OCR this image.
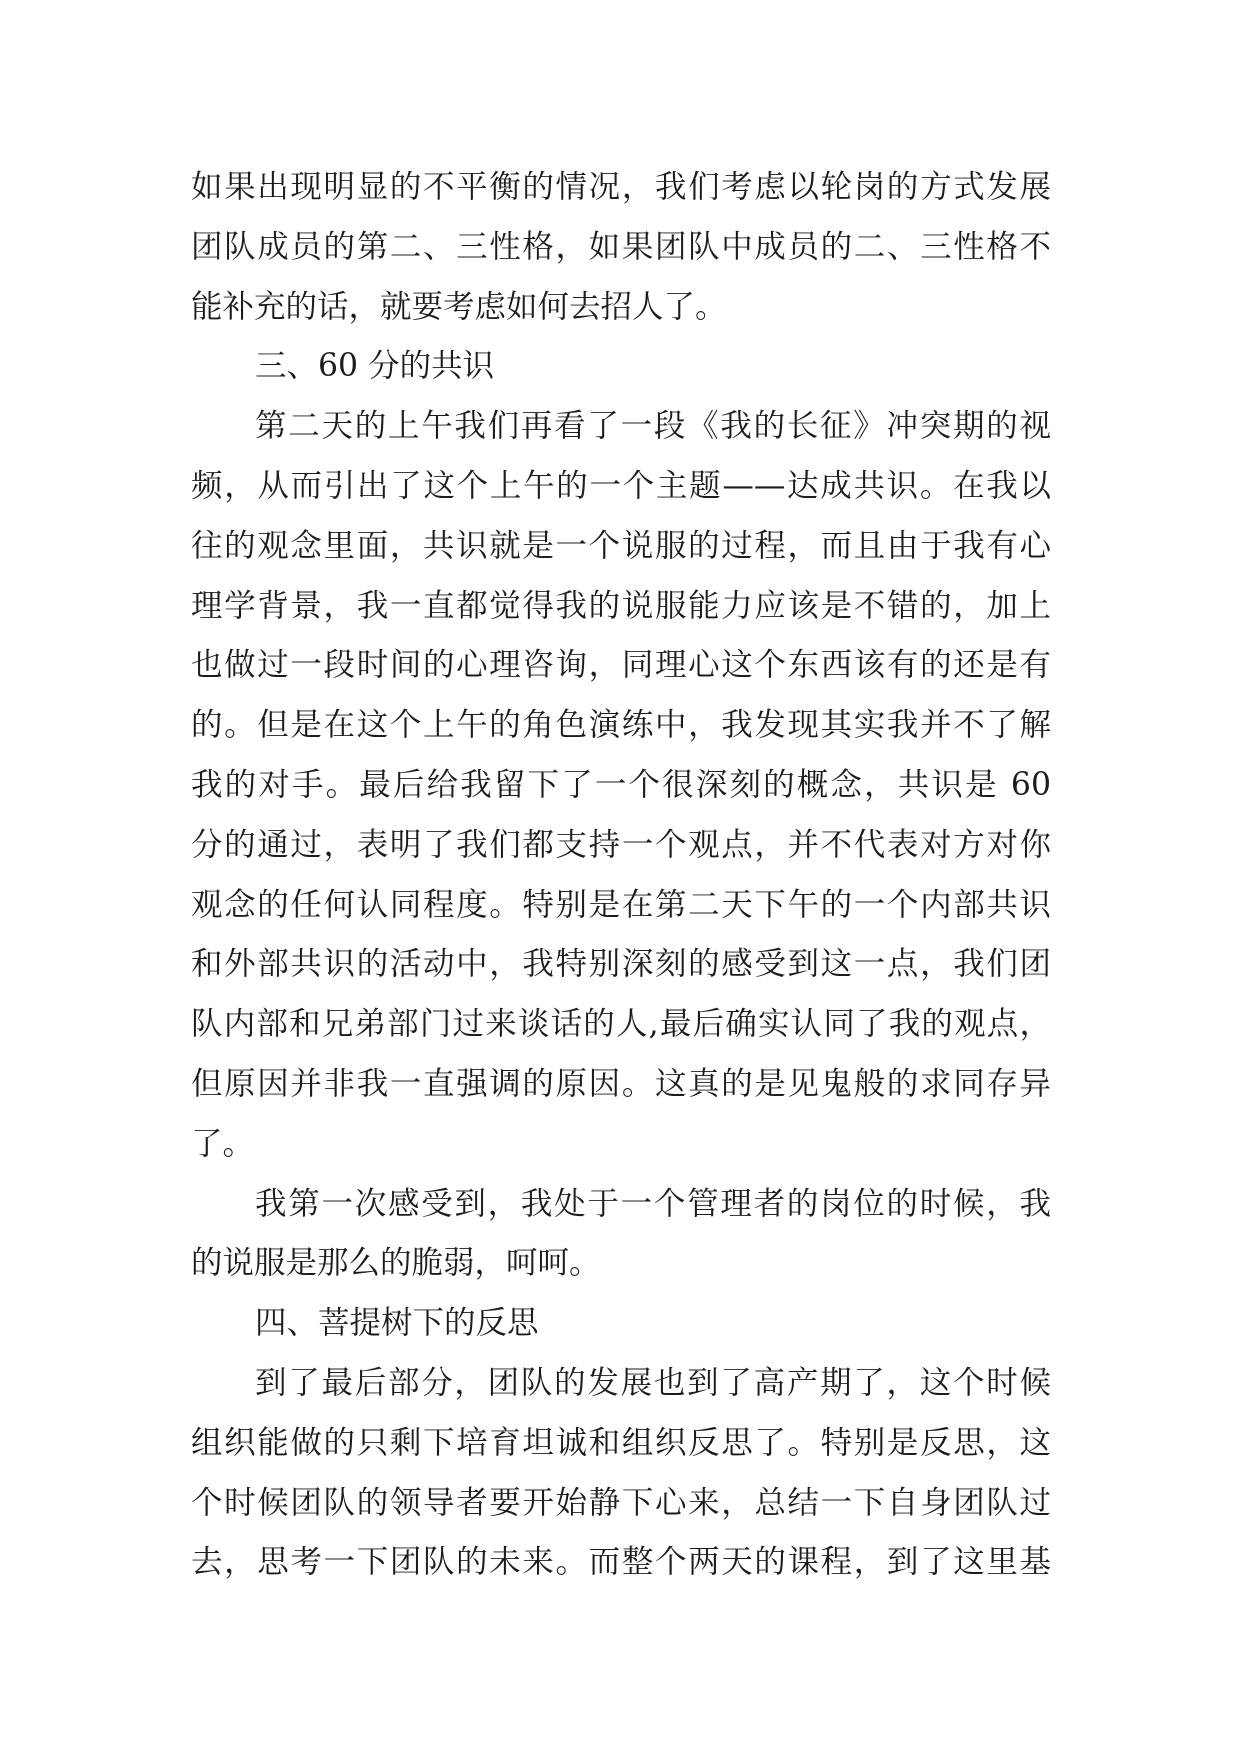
如果出现明显的不平衡的情况，我们考虑以轮岗的方式发展
团队成员的第二、三性格，如果团队中成员的二、三性格不
能补充的话，就要考虑如何去招人了。
三、60 分的共识
第二天的上午我们再看了一段《我的长征》冲突期的视
频，从而引出了这个上午的一个主题——达成共识。在我以
往的观念里面，共识就是一个说服的过程，而且由于我有心
理学背景，我一直都觉得我的说服能力应该是不错的，加上
也做过一段时间的心理咨询，同理心这个东西该有的还是有
的。但是在这个上午的角色演练中，我发现其实我并不了解
我的对手。最后给我留下了一个很深刻的概念，共识是 60
分的通过，表明了我们都支持一个观点，并不代表对方对你
观念的任何认同程度。特别是在第二天下午的一个内部共识
和外部共识的活动中，我特别深刻的感受到这一点，我们团
队内部和兄弟部门过来谈话的人,最后确实认同了我的观点，
但原因并非我一直强调的原因。这真的是见鬼般的求同存异
了。
我第一次感受到，我处于一个管理者的岗位的时候，我
的说服是那么的脆弱，呵呵。
四、菩提树下的反思
到了最后部分，团队的发展也到了高产期了，这个时候
组织能做的只剩下培育坦诚和组织反思了。特别是反思，这
个时候团队的领导者要开始静下心来，总结一下自身团队过
去，思考一下团队的未来。而整个两天的课程，到了这里基
